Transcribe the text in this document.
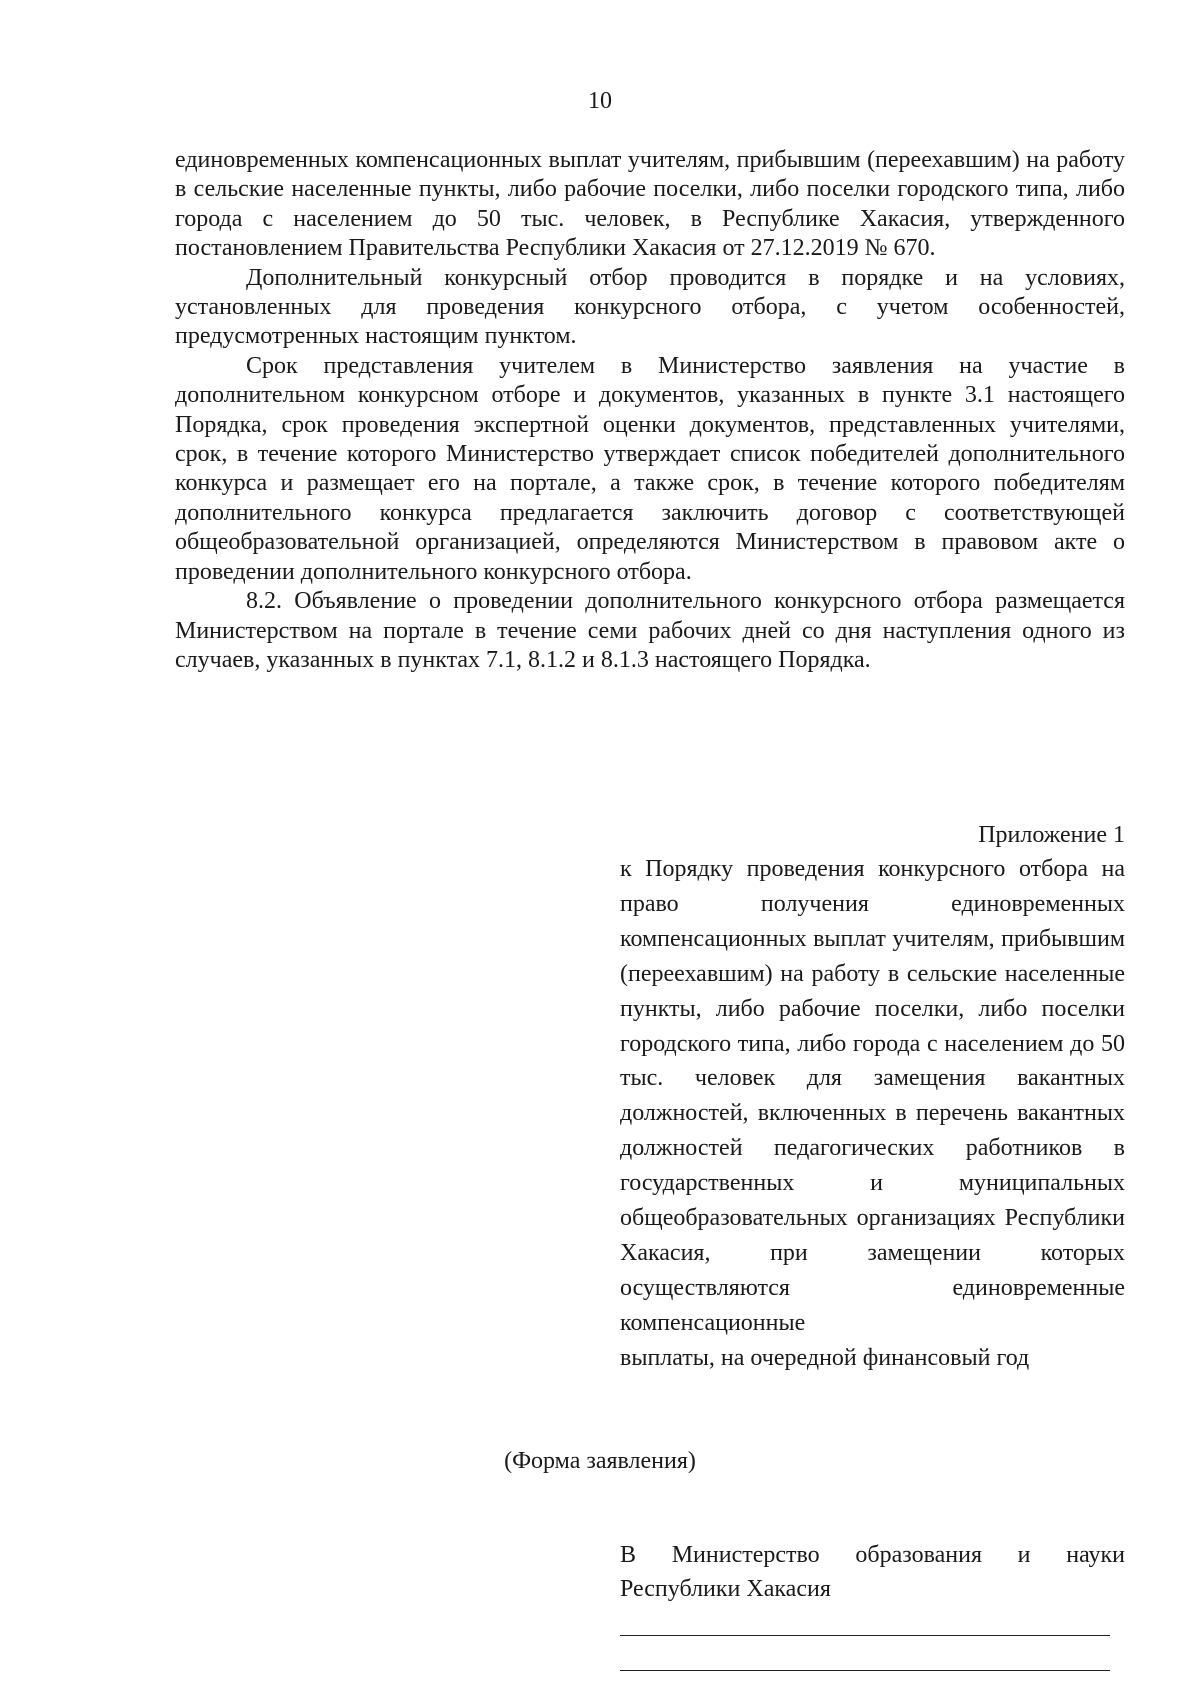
10

единовременных компенсационных выплат учителям, прибывшим (переехавшим) на работу в сельские населенные пункты, либо рабочие поселки, либо поселки городского типа, либо города с населением до 50 тыс. человек, в Республике Хакасия, утвержденного постановлением Правительства Республики Хакасия от 27.12.2019 № 670.

Дополнительный конкурсный отбор проводится в порядке и на условиях, установленных для проведения конкурсного отбора, с учетом особенностей, предусмотренных настоящим пунктом.

Срок представления учителем в Министерство заявления на участие в дополнительном конкурсном отборе и документов, указанных в пункте 3.1 настоящего Порядка, срок проведения экспертной оценки документов, представленных учителями, срок, в течение которого Министерство утверждает список победителей дополнительного конкурса и размещает его на портале, а также срок, в течение которого победителям дополнительного конкурса предлагается заключить договор с соответствующей общеобразовательной организацией, определяются Министерством в правовом акте о проведении дополнительного конкурсного отбора.

8.2. Объявление о проведении дополнительного конкурсного отбора размещается Министерством на портале в течение семи рабочих дней со дня наступления одного из случаев, указанных в пунктах 7.1, 8.1.2 и 8.1.3 настоящего Порядка.

Приложение 1

к Порядку проведения конкурсного отбора на право получения единовременных компенсационных выплат учителям, прибывшим (переехавшим) на работу в сельские населенные пункты, либо рабочие поселки, либо поселки городского типа, либо города с населением до 50 тыс. человек для замещения вакантных должностей, включенных в перечень вакантных должностей педагогических работников в государственных и муниципальных общеобразовательных организациях Республики Хакасия, при замещении которых осуществляются единовременные компенсационные
выплаты, на очередной финансовый год

(Форма заявления)

В Министерство образования и науки Республики Хакасия
